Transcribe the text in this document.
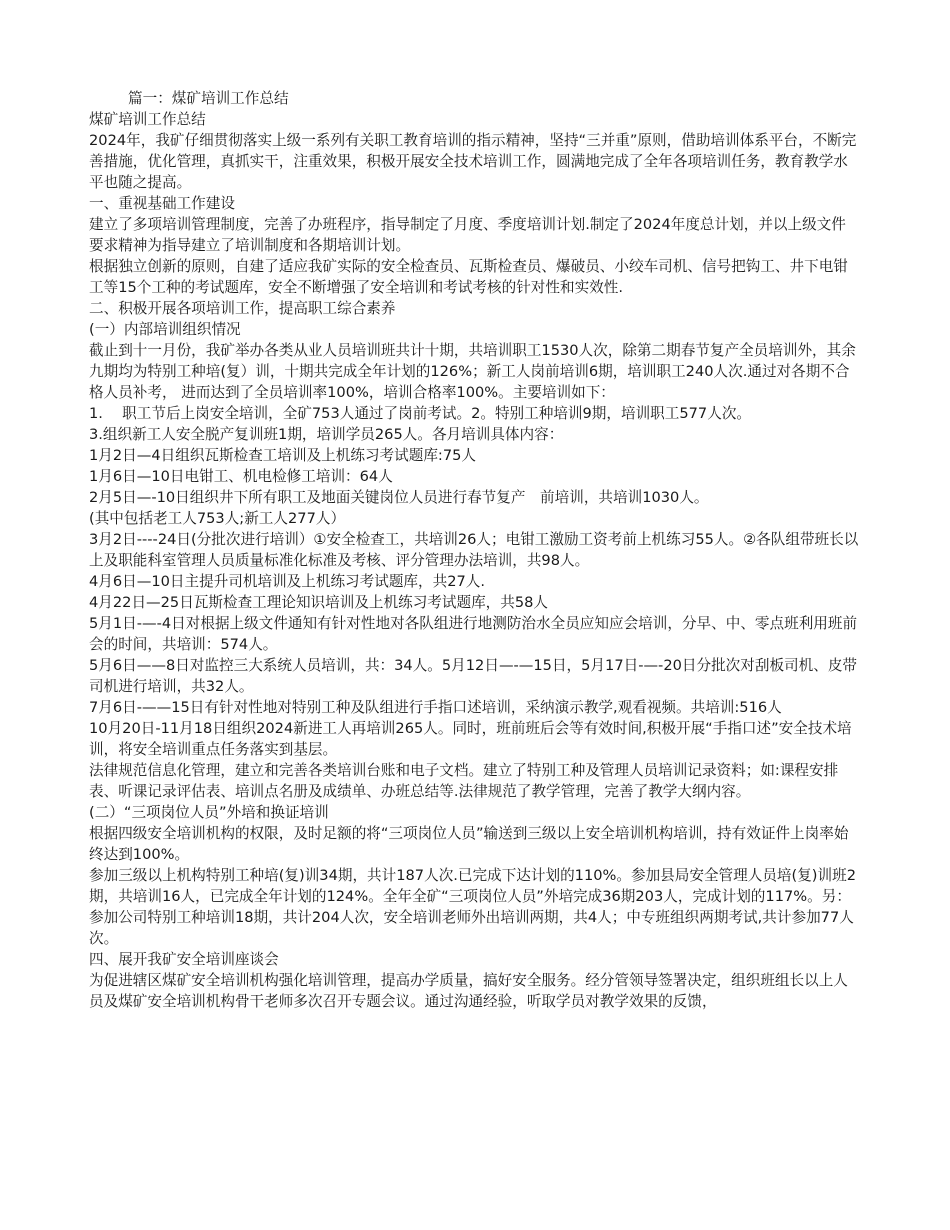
篇一：煤矿培训工作总结

煤矿培训工作总结

2024年，我矿仔细贯彻落实上级一系列有关职工教育培训的指示精神，坚持“三并重”原则，借助培训体系平台，不断完善措施，优化管理，真抓实干，注重效果，积极开展安全技术培训工作，圆满地完成了全年各项培训任务，教育教学水平也随之提高。

一、重视基础工作建设

建立了多项培训管理制度，完善了办班程序，指导制定了月度、季度培训计划.制定了2024年度总计划，并以上级文件要求精神为指导建立了培训制度和各期培训计划。

根据独立创新的原则，自建了适应我矿实际的安全检查员、瓦斯检查员、爆破员、小绞车司机、信号把钩工、井下电钳工等15个工种的考试题库，安全不断增强了安全培训和考试考核的针对性和实效性.

二、积极开展各项培训工作，提高职工综合素养

(一）内部培训组织情况

截止到十一月份，我矿举办各类从业人员培训班共计十期，共培训职工1530人次，除第二期春节复产全员培训外，其余九期均为特别工种培(复）训，十期共完成全年计划的126%；新工人岗前培训6期，培训职工240人次.通过对各期不合格人员补考， 进而达到了全员培训率100%，培训合格率100%。主要培训如下：

1.　 职工节后上岗安全培训，全矿753人通过了岗前考试。2。特别工种培训9期，培训职工577人次。

3.组织新工人安全脱产复训班1期，培训学员265人。各月培训具体内容：

1月2日—4日组织瓦斯检查工培训及上机练习考试题库:75人

1月6日—10日电钳工、机电检修工培训：64人

2月5日—-10日组织井下所有职工及地面关键岗位人员进行春节复产　前培训，共培训1030人。

(其中包括老工人753人;新工人277人）

3月2日----24日(分批次进行培训）①安全检查工，共培训26人；电钳工激励工资考前上机练习55人。②各队组带班长以上及职能科室管理人员质量标准化标准及考核、评分管理办法培训，共98人。

4月6日—10日主提升司机培训及上机练习考试题库，共27人.

4月22日—25日瓦斯检查工理论知识培训及上机练习考试题库，共58人

5月1日-—-4日对根据上级文件通知有针对性地对各队组进行地测防治水全员应知应会培训，分早、中、零点班利用班前会的时间，共培训：574人。

5月6日——8日对监控三大系统人员培训，共：34人。5月12日—-—15日，5月17日-—-20日分批次对刮板司机、皮带司机进行培训，共32人。

7月6日-——15日有针对性地对特别工种及队组进行手指口述培训，采纳演示教学,观看视频。共培训:516人

10月20日-11月18日组织2024新进工人再培训265人。同时，班前班后会等有效时间,积极开展“手指口述”安全技术培训，将安全培训重点任务落实到基层。

法律规范信息化管理，建立和完善各类培训台账和电子文档。建立了特别工种及管理人员培训记录资料；如:课程安排表、听课记录评估表、培训点名册及成绩单、办班总结等.法律规范了教学管理，完善了教学大纲内容。

(二）“三项岗位人员”外培和换证培训

根据四级安全培训机构的权限，及时足额的将“三项岗位人员”输送到三级以上安全培训机构培训，持有效证件上岗率始终达到100%。

参加三级以上机构特别工种培(复)训34期，共计187人次.已完成下达计划的110%。参加县局安全管理人员培(复)训班2期，共培训16人，已完成全年计划的124%。全年全矿“三项岗位人员”外培完成36期203人，完成计划的117%。另：参加公司特别工种培训18期，共计204人次，安全培训老师外出培训两期，共4人；中专班组织两期考试,共计参加77人次。

四、展开我矿安全培训座谈会

为促进辖区煤矿安全培训机构强化培训管理，提高办学质量，搞好安全服务。经分管领导签署决定，组织班组长以上人员及煤矿安全培训机构骨干老师多次召开专题会议。通过沟通经验，听取学员对教学效果的反馈，
